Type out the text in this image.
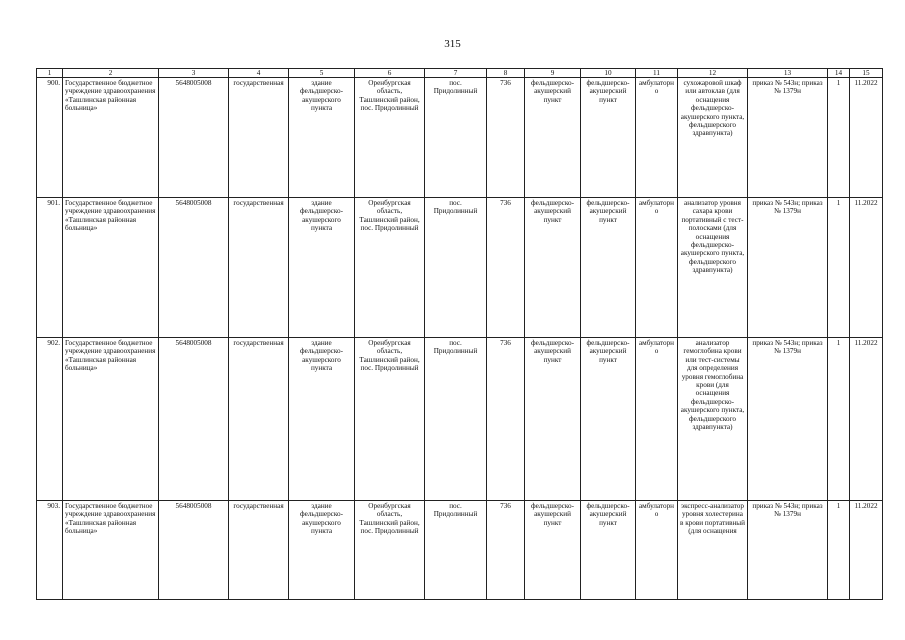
315
1	2	3	4	5	6	7	8	9	10	11	12	13	14	15
900.	Государственное бюджетное учреждение здравоохранения «Ташлинская районная больница»	5648005008	государственная	здание фельдшерско-акушерского пункта	Оренбургская область, Ташлинский район, пос. Придолинный	пос. Придолинный	736	фельдшерско-акушерский пункт	фельдшерско-акушерский пункт	амбулаторно	сухожаровой шкаф или автоклав (для оснащения фельдшерско-акушерского пункта, фельдшерского здравпункта)	приказ № 543н; приказ № 1379н	1	11.2022
901.	Государственное бюджетное учреждение здравоохранения «Ташлинская районная больница»	5648005008	государственная	здание фельдшерско-акушерского пункта	Оренбургская область, Ташлинский район, пос. Придолинный	пос. Придолинный	736	фельдшерско-акушерский пункт	фельдшерско-акушерский пункт	амбулаторно	анализатор уровня сахара крови портативный с тест-полосками (для оснащения фельдшерско-акушерского пункта, фельдшерского здравпункта)	приказ № 543н; приказ № 1379н	1	11.2022
902.	Государственное бюджетное учреждение здравоохранения «Ташлинская районная больница»	5648005008	государственная	здание фельдшерско-акушерского пункта	Оренбургская область, Ташлинский район, пос. Придолинный	пос. Придолинный	736	фельдшерско-акушерский пункт	фельдшерско-акушерский пункт	амбулаторно	анализатор гемоглобина крови или тест-системы для определения уровня гемоглобина крови (для оснащения фельдшерско-акушерского пункта, фельдшерского здравпункта)	приказ № 543н; приказ № 1379н	1	11.2022
903.	Государственное бюджетное учреждение здравоохранения «Ташлинская районная больница»	5648005008	государственная	здание фельдшерско-акушерского пункта	Оренбургская область, Ташлинский район, пос. Придолинный	пос. Придолинный	736	фельдшерско-акушерский пункт	фельдшерско-акушерский пункт	амбулаторно	экспресс-анализатор уровня холестерина в крови портативный (для оснащения	приказ № 543н; приказ № 1379н	1	11.2022
